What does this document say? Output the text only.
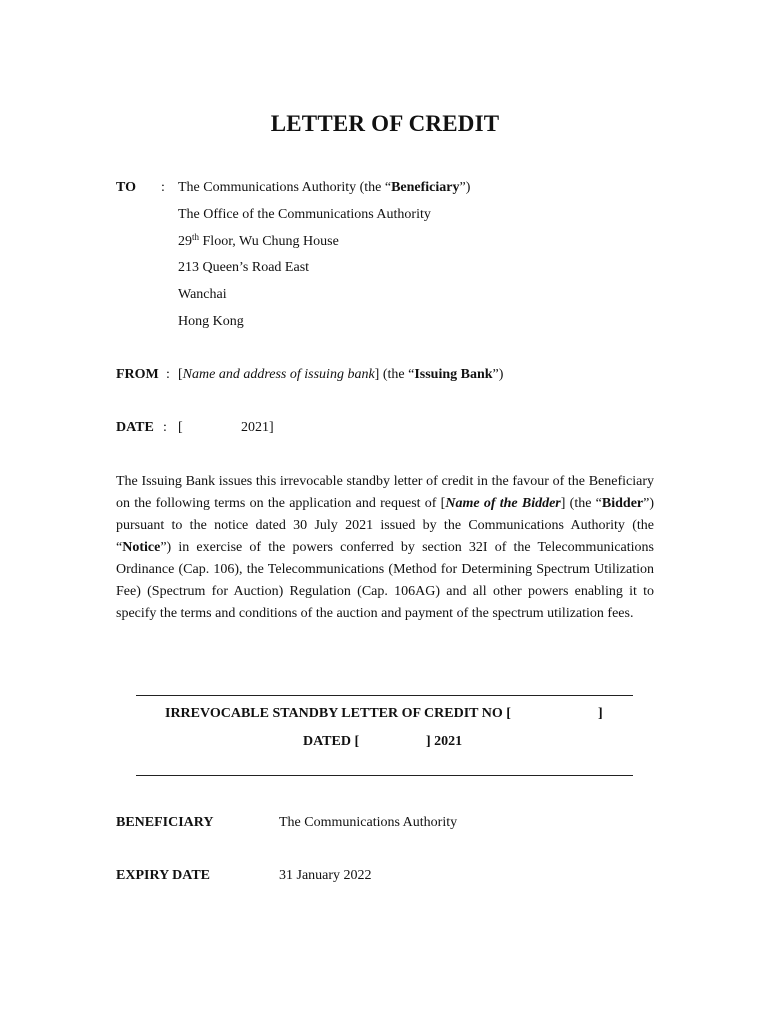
LETTER OF CREDIT
TO : The Communications Authority (the “Beneficiary”)
The Office of the Communications Authority
29th Floor, Wu Chung House
213 Queen’s Road East
Wanchai
Hong Kong
FROM : [Name and address of issuing bank] (the “Issuing Bank”)
DATE : [	2021]
The Issuing Bank issues this irrevocable standby letter of credit in the favour of the Beneficiary on the following terms on the application and request of [Name of the Bidder] (the “Bidder”) pursuant to the notice dated 30 July 2021 issued by the Communications Authority (the “Notice”) in exercise of the powers conferred by section 32I of the Telecommunications Ordinance (Cap. 106), the Telecommunications (Method for Determining Spectrum Utilization Fee) (Spectrum for Auction) Regulation (Cap. 106AG) and all other powers enabling it to specify the terms and conditions of the auction and payment of the spectrum utilization fees.
IRREVOCABLE STANDBY LETTER OF CREDIT NO [	]
DATED [	] 2021
BENEFICIARY	The Communications Authority
EXPIRY DATE	31 January 2022
